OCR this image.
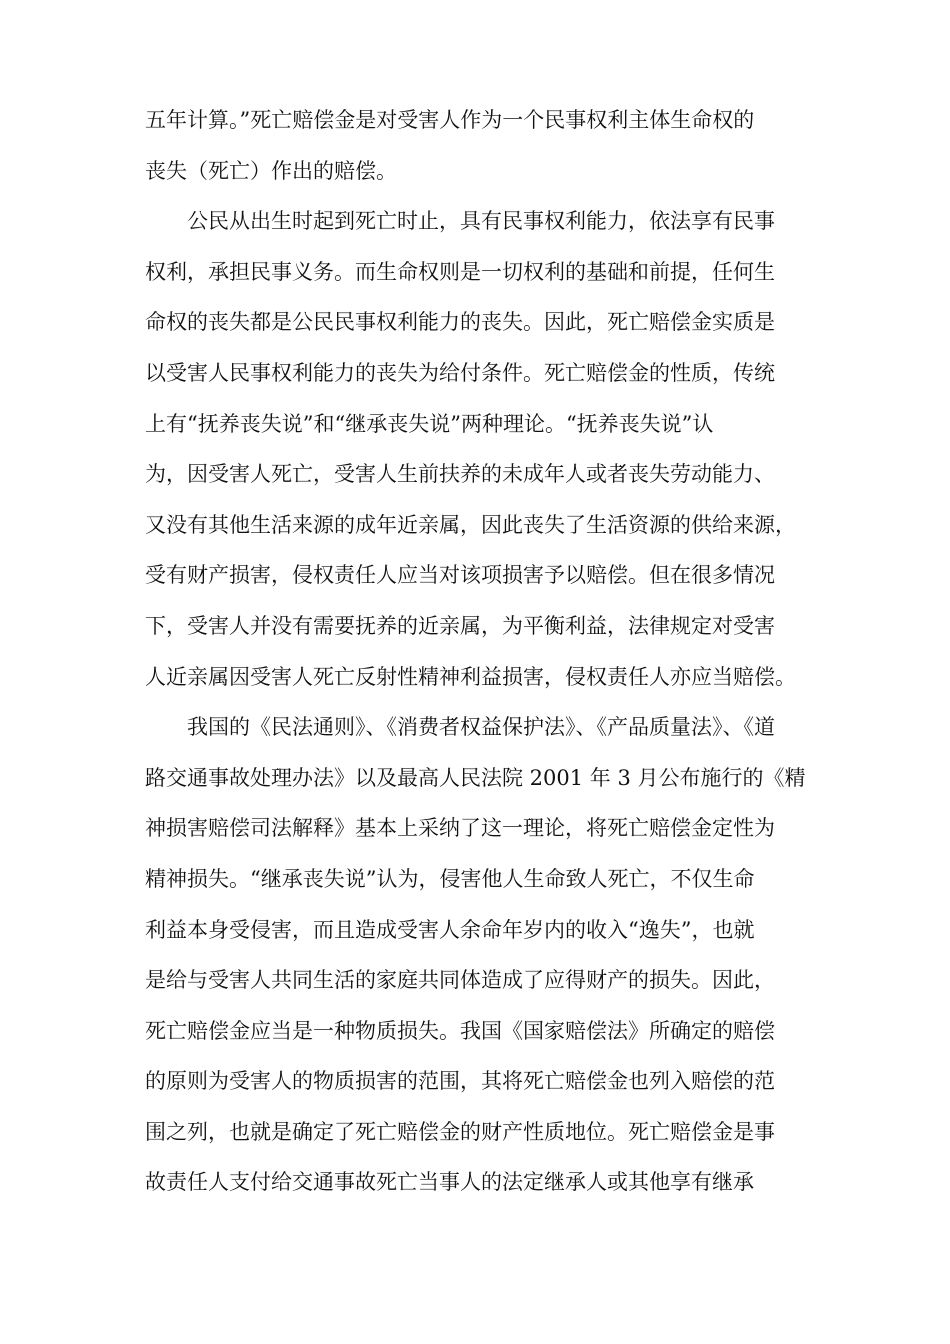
五年计算。”死亡赔偿金是对受害人作为一个民事权利主体生命权的
丧失（死亡）作出的赔偿。
公民从出生时起到死亡时止，具有民事权利能力，依法享有民事
权利，承担民事义务。而生命权则是一切权利的基础和前提，任何生
命权的丧失都是公民民事权利能力的丧失。因此，死亡赔偿金实质是
以受害人民事权利能力的丧失为给付条件。死亡赔偿金的性质，传统
上有“抚养丧失说”和“继承丧失说”两种理论。“抚养丧失说”认
为，因受害人死亡，受害人生前扶养的未成年人或者丧失劳动能力、
又没有其他生活来源的成年近亲属，因此丧失了生活资源的供给来源，
受有财产损害，侵权责任人应当对该项损害予以赔偿。但在很多情况
下，受害人并没有需要抚养的近亲属，为平衡利益，法律规定对受害
人近亲属因受害人死亡反射性精神利益损害，侵权责任人亦应当赔偿。
我国的《民法通则》、《消费者权益保护法》、《产品质量法》、《道
路交通事故处理办法》以及最高人民法院 2001 年 3 月公布施行的《精
神损害赔偿司法解释》基本上采纳了这一理论，将死亡赔偿金定性为
精神损失。“继承丧失说”认为，侵害他人生命致人死亡，不仅生命
利益本身受侵害，而且造成受害人余命年岁内的收入“逸失”，也就
是给与受害人共同生活的家庭共同体造成了应得财产的损失。因此，
死亡赔偿金应当是一种物质损失。我国《国家赔偿法》所确定的赔偿
的原则为受害人的物质损害的范围，其将死亡赔偿金也列入赔偿的范
围之列，也就是确定了死亡赔偿金的财产性质地位。死亡赔偿金是事
故责任人支付给交通事故死亡当事人的法定继承人或其他享有继承
